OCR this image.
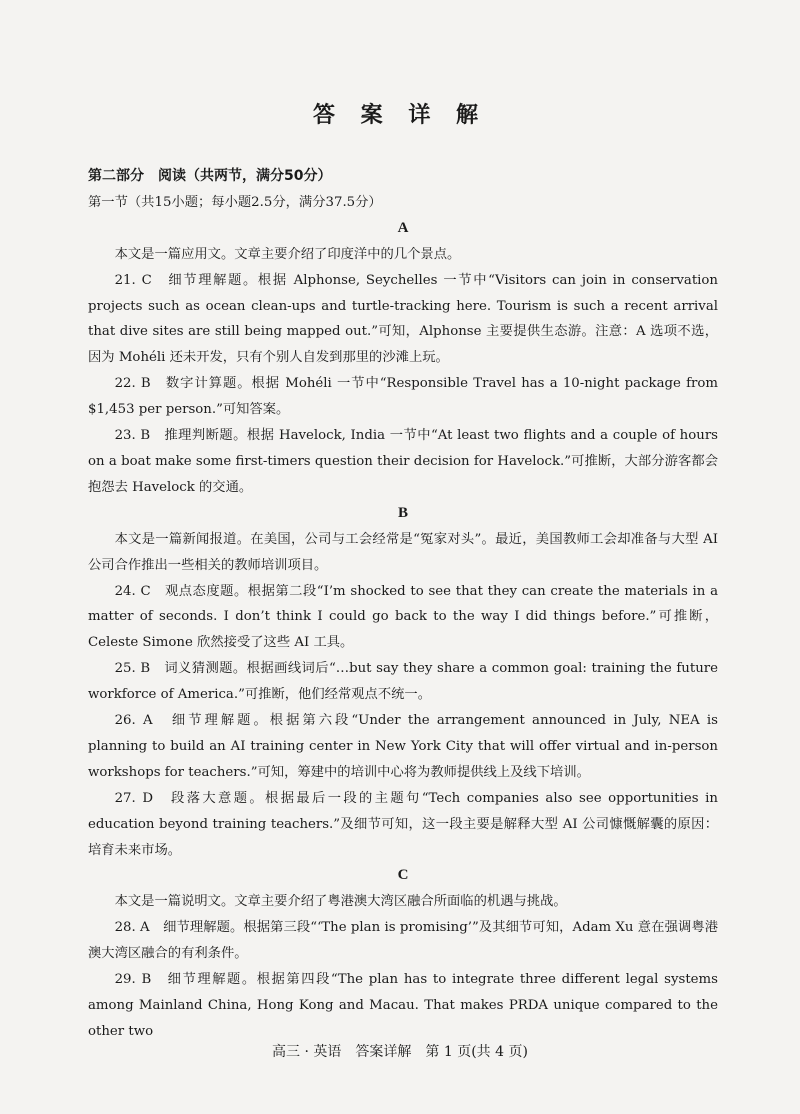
答 案 详 解

第二部分　阅读（共两节，满分50分）

第一节（共15小题；每小题2.5分，满分37.5分）

A

本文是一篇应用文。文章主要介绍了印度洋中的几个景点。

21. C　细节理解题。根据 Alphonse, Seychelles 一节中“Visitors can join in conservation projects such as ocean clean-ups and turtle-tracking here. Tourism is such a recent arrival that dive sites are still being mapped out.”可知，Alphonse 主要提供生态游。注意：A 选项不选，因为 Mohéli 还未开发，只有个别人自发到那里的沙滩上玩。

22. B　数字计算题。根据 Mohéli 一节中“Responsible Travel has a 10-night package from $1,453 per person.”可知答案。

23. B　推理判断题。根据 Havelock, India 一节中“At least two flights and a couple of hours on a boat make some first-timers question their decision for Havelock.”可推断，大部分游客都会抱怨去 Havelock 的交通。

B

本文是一篇新闻报道。在美国，公司与工会经常是“冤家对头”。最近，美国教师工会却准备与大型 AI 公司合作推出一些相关的教师培训项目。

24. C　观点态度题。根据第二段“I’m shocked to see that they can create the materials in a matter of seconds. I don’t think I could go back to the way I did things before.”可推断，Celeste Simone 欣然接受了这些 AI 工具。

25. B　词义猜测题。根据画线词后“…but say they share a common goal: training the future workforce of America.”可推断，他们经常观点不统一。

26. A　细节理解题。根据第六段“Under the arrangement announced in July, NEA is planning to build an AI training center in New York City that will offer virtual and in-person workshops for teachers.”可知，筹建中的培训中心将为教师提供线上及线下培训。

27. D　段落大意题。根据最后一段的主题句“Tech companies also see opportunities in education beyond training teachers.”及细节可知，这一段主要是解释大型 AI 公司慷慨解囊的原因：培育未来市场。

C

本文是一篇说明文。文章主要介绍了粤港澳大湾区融合所面临的机遇与挑战。

28. A　细节理解题。根据第三段“‘The plan is promising’”及其细节可知，Adam Xu 意在强调粤港澳大湾区融合的有利条件。

29. B　细节理解题。根据第四段“The plan has to integrate three different legal systems among Mainland China, Hong Kong and Macau. That makes PRDA unique compared to the other two

高三 · 英语　答案详解　第 1 页(共 4 页)
